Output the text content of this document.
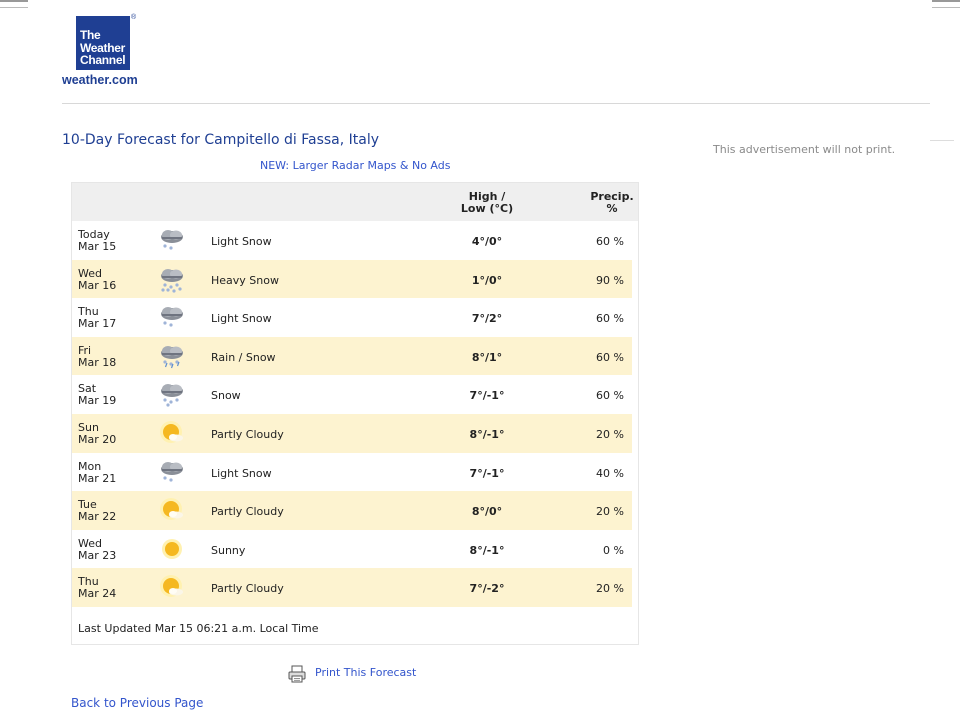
The
Weather
Channel
®
weather.com
10-Day Forecast for Campitello di Fassa, Italy
This advertisement will not print.
NEW: Larger Radar Maps & No Ads
High /
Low (°C)
Precip.
%
Today
Mar 15	Light Snow	4°/0°	60 %
Wed
Mar 16	Heavy Snow	1°/0°	90 %
Thu
Mar 17	Light Snow	7°/2°	60 %
Fri
Mar 18	Rain / Snow	8°/1°	60 %
Sat
Mar 19	Snow	7°/-1°	60 %
Sun
Mar 20	Partly Cloudy	8°/-1°	20 %
Mon
Mar 21	Light Snow	7°/-1°	40 %
Tue
Mar 22	Partly Cloudy	8°/0°	20 %
Wed
Mar 23	Sunny	8°/-1°	0 %
Thu
Mar 24	Partly Cloudy	7°/-2°	20 %
Last Updated Mar 15 06:21 a.m. Local Time
Print This Forecast
Back to Previous Page
